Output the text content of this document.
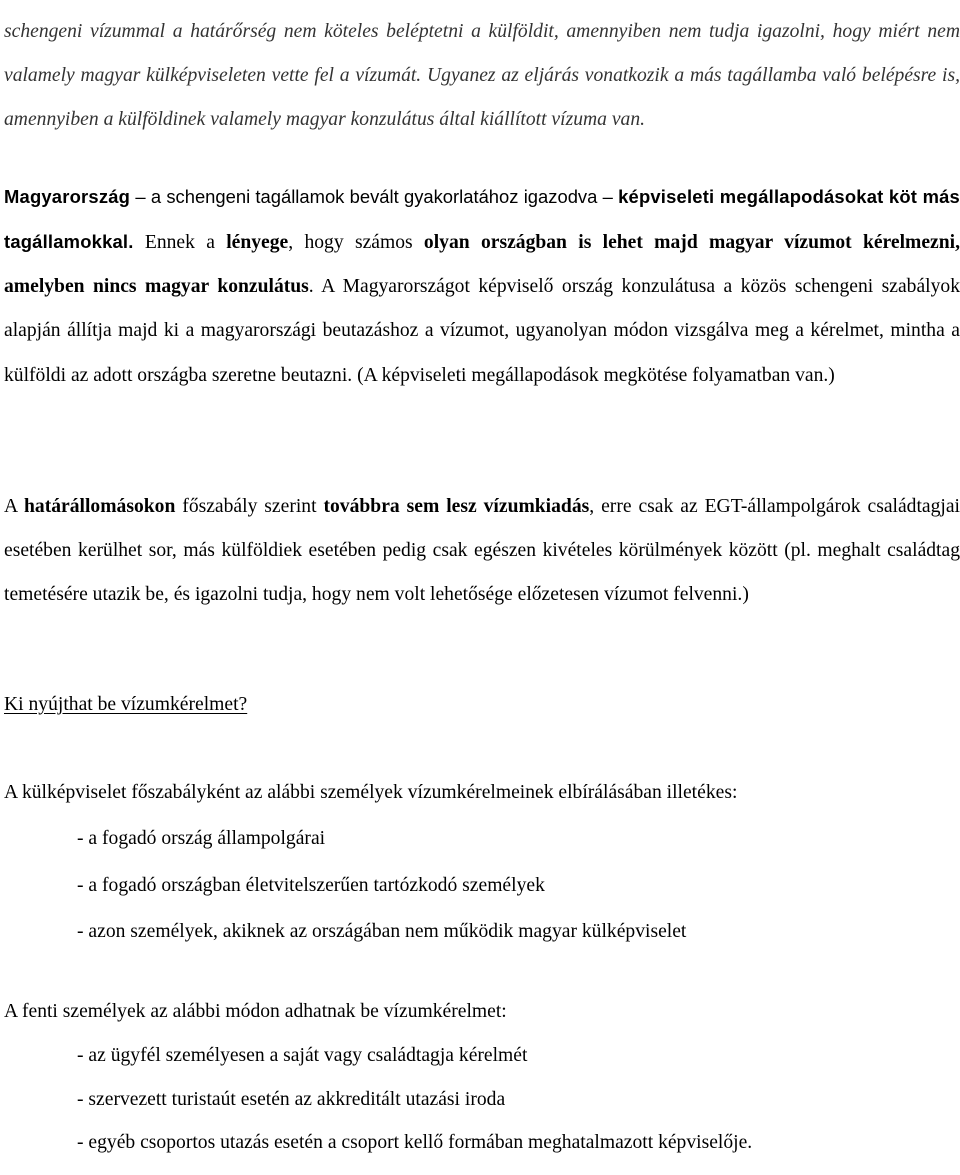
schengeni vízummal a határőrség nem köteles beléptetni a külföldit, amennyiben nem tudja igazolni, hogy miért nem valamely magyar külképviseleten vette fel a vízumát. Ugyanez az eljárás vonatkozik a más tagállamba való belépésre is, amennyiben a külföldinek valamely magyar konzulátus által kiállított vízuma van.

Magyarország – a schengeni tagállamok bevált gyakorlatához igazodva – képviseleti megállapodásokat köt más tagállamokkal. Ennek a lényege, hogy számos olyan országban is lehet majd magyar vízumot kérelmezni, amelyben nincs magyar konzulátus. A Magyarországot képviselő ország konzulátusa a közös schengeni szabályok alapján állítja majd ki a magyarországi beutazáshoz a vízumot, ugyanolyan módon vizsgálva meg a kérelmet, mintha a külföldi az adott országba szeretne beutazni. (A képviseleti megállapodások megkötése folyamatban van.)

A határállomásokon főszabály szerint továbbra sem lesz vízumkiadás, erre csak az EGT-állampolgárok családtagjai esetében kerülhet sor, más külföldiek esetében pedig csak egészen kivételes körülmények között (pl. meghalt családtag temetésére utazik be, és igazolni tudja, hogy nem volt lehetősége előzetesen vízumot felvenni.)

Ki nyújthat be vízumkérelmet?
A külképviselet főszabályként az alábbi személyek vízumkérelmeinek elbírálásában illetékes:
- a fogadó ország állampolgárai
- a fogadó országban életvitelszerűen tartózkodó személyek
- azon személyek, akiknek az országában nem működik magyar külképviselet
A fenti személyek az alábbi módon adhatnak be vízumkérelmet:
- az ügyfél személyesen a saját vagy családtagja kérelmét
- szervezett turistaút esetén az akkreditált utazási iroda
- egyéb csoportos utazás esetén a csoport kellő formában meghatalmazott képviselője.
